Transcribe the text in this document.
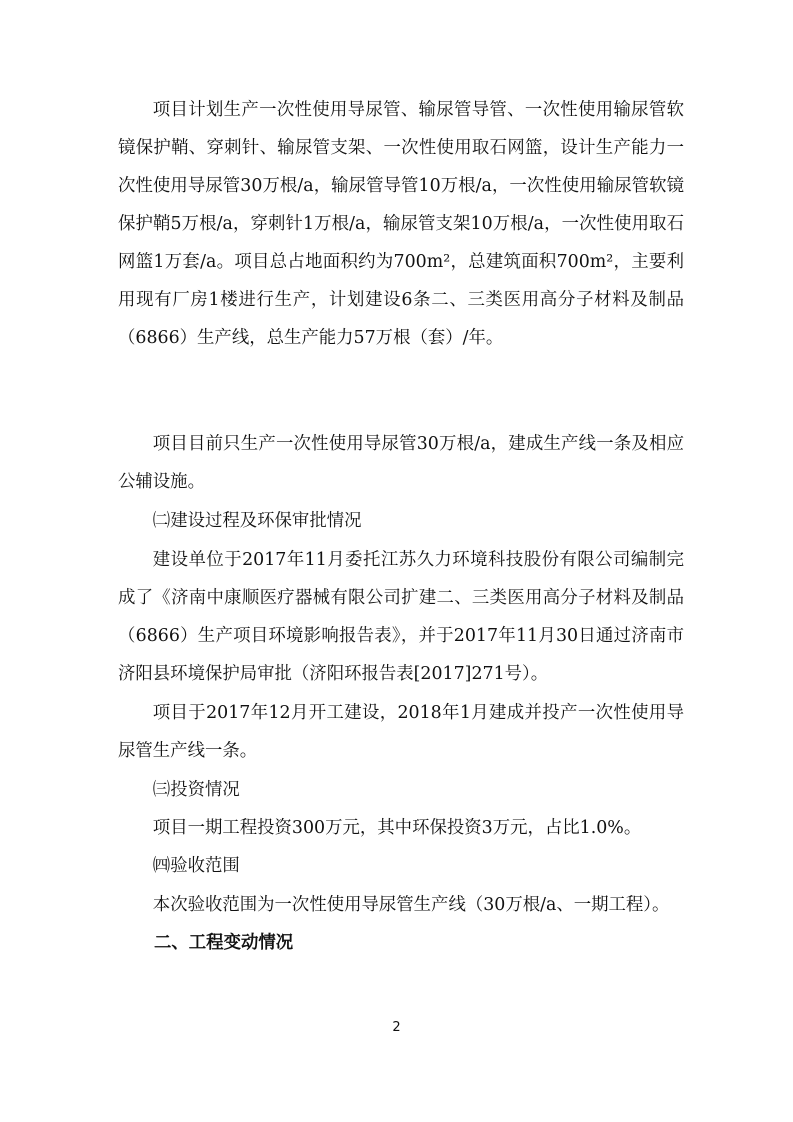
项目计划生产一次性使用导尿管、输尿管导管、一次性使用输尿管软镜保护鞘、穿刺针、输尿管支架、一次性使用取石网篮，设计生产能力一次性使用导尿管30万根/a，输尿管导管10万根/a，一次性使用输尿管软镜保护鞘5万根/a，穿刺针1万根/a，输尿管支架10万根/a，一次性使用取石网篮1万套/a。项目总占地面积约为700m²，总建筑面积700m²，主要利用现有厂房1楼进行生产，计划建设6条二、三类医用高分子材料及制品（6866）生产线，总生产能力57万根（套）/年。

项目目前只生产一次性使用导尿管30万根/a，建成生产线一条及相应公辅设施。

㈡建设过程及环保审批情况

建设单位于2017年11月委托江苏久力环境科技股份有限公司编制完成了《济南中康顺医疗器械有限公司扩建二、三类医用高分子材料及制品（6866）生产项目环境影响报告表》，并于2017年11月30日通过济南市济阳县环境保护局审批（济阳环报告表[2017]271号）。

项目于2017年12月开工建设，2018年1月建成并投产一次性使用导尿管生产线一条。

㈢投资情况

项目一期工程投资300万元，其中环保投资3万元，占比1.0%。

㈣验收范围

本次验收范围为一次性使用导尿管生产线（30万根/a、一期工程）。

二、工程变动情况

2
